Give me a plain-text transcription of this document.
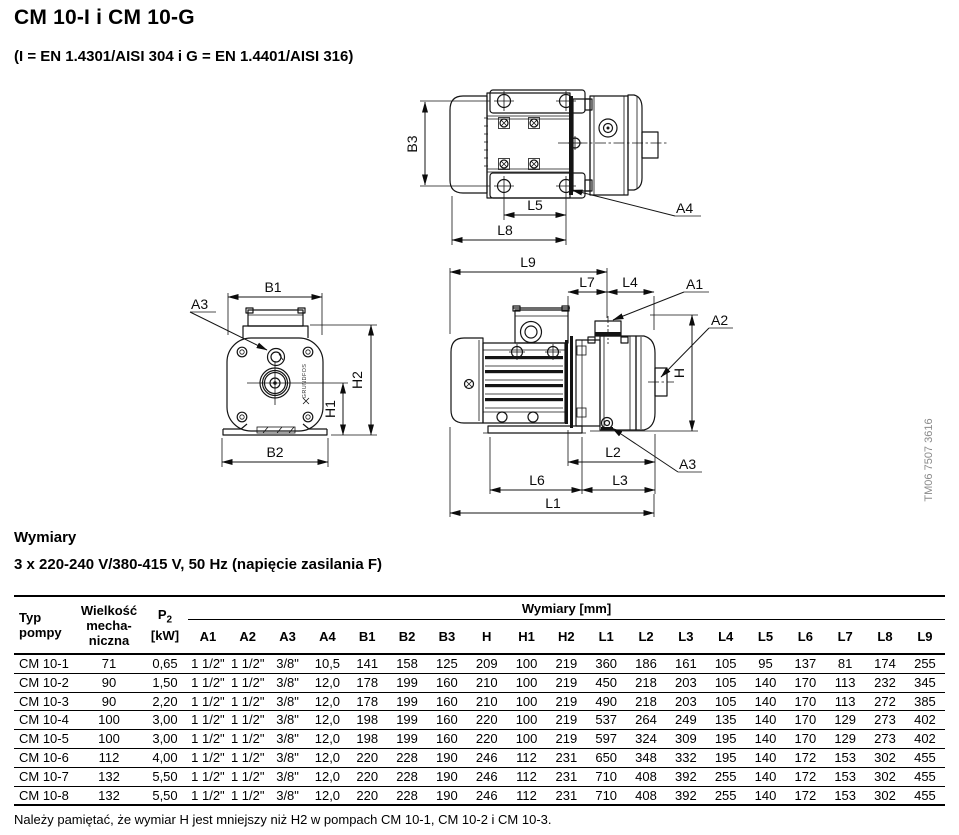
CM 10-I i CM 10-G
(I = EN 1.4301/AISI 304 i G = EN 1.4401/AISI 316)
B3
L5
L8
A4
GRUNDFOS
B1
A3
H2
H1
B2
L9
L7 L4	A1
A2
H
L2
L6	L3
L1
A3	TM06 7507 3616
Wymiary
3 x 220-240 V/380-415 V, 50 Hz (napięcie zasilania F)
Typ pompy	Wielkość mecha-niczna	$P_2$
[kW]	Wymiary [mm]																		
			A1	A2	A3	A4	B1	B2	B3	H	H1	H2	L1	L2	L3	L4	L5	L6	L7	L8	L9
CM 10-1	71	0,65	1 1/2"	1 1/2"	3/8"	10,5	141	158	125	209	100	219	360	186	161	105	95	137	81	174	255
CM 10-2	90	1,50	1 1/2"	1 1/2"	3/8"	12,0	178	199	160	210	100	219	450	218	203	105	140	170	113	232	345
CM 10-3	90	2,20	1 1/2"	1 1/2"	3/8"	12,0	178	199	160	210	100	219	490	218	203	105	140	170	113	272	385
CM 10-4	100	3,00	1 1/2"	1 1/2"	3/8"	12,0	198	199	160	220	100	219	537	264	249	135	140	170	129	273	402
CM 10-5	100	3,00	1 1/2"	1 1/2"	3/8"	12,0	198	199	160	220	100	219	597	324	309	195	140	170	129	273	402
CM 10-6	112	4,00	1 1/2"	1 1/2"	3/8"	12,0	220	228	190	246	112	231	650	348	332	195	140	172	153	302	455
CM 10-7	132	5,50	1 1/2"	1 1/2"	3/8"	12,0	220	228	190	246	112	231	710	408	392	255	140	172	153	302	455
CM 10-8	132	5,50	1 1/2"	1 1/2"	3/8"	12,0	220	228	190	246	112	231	710	408	392	255	140	172	153	302	455
Należy pamiętać, że wymiar H jest mniejszy niż H2 w pompach CM 10-1, CM 10-2 i CM 10-3.
